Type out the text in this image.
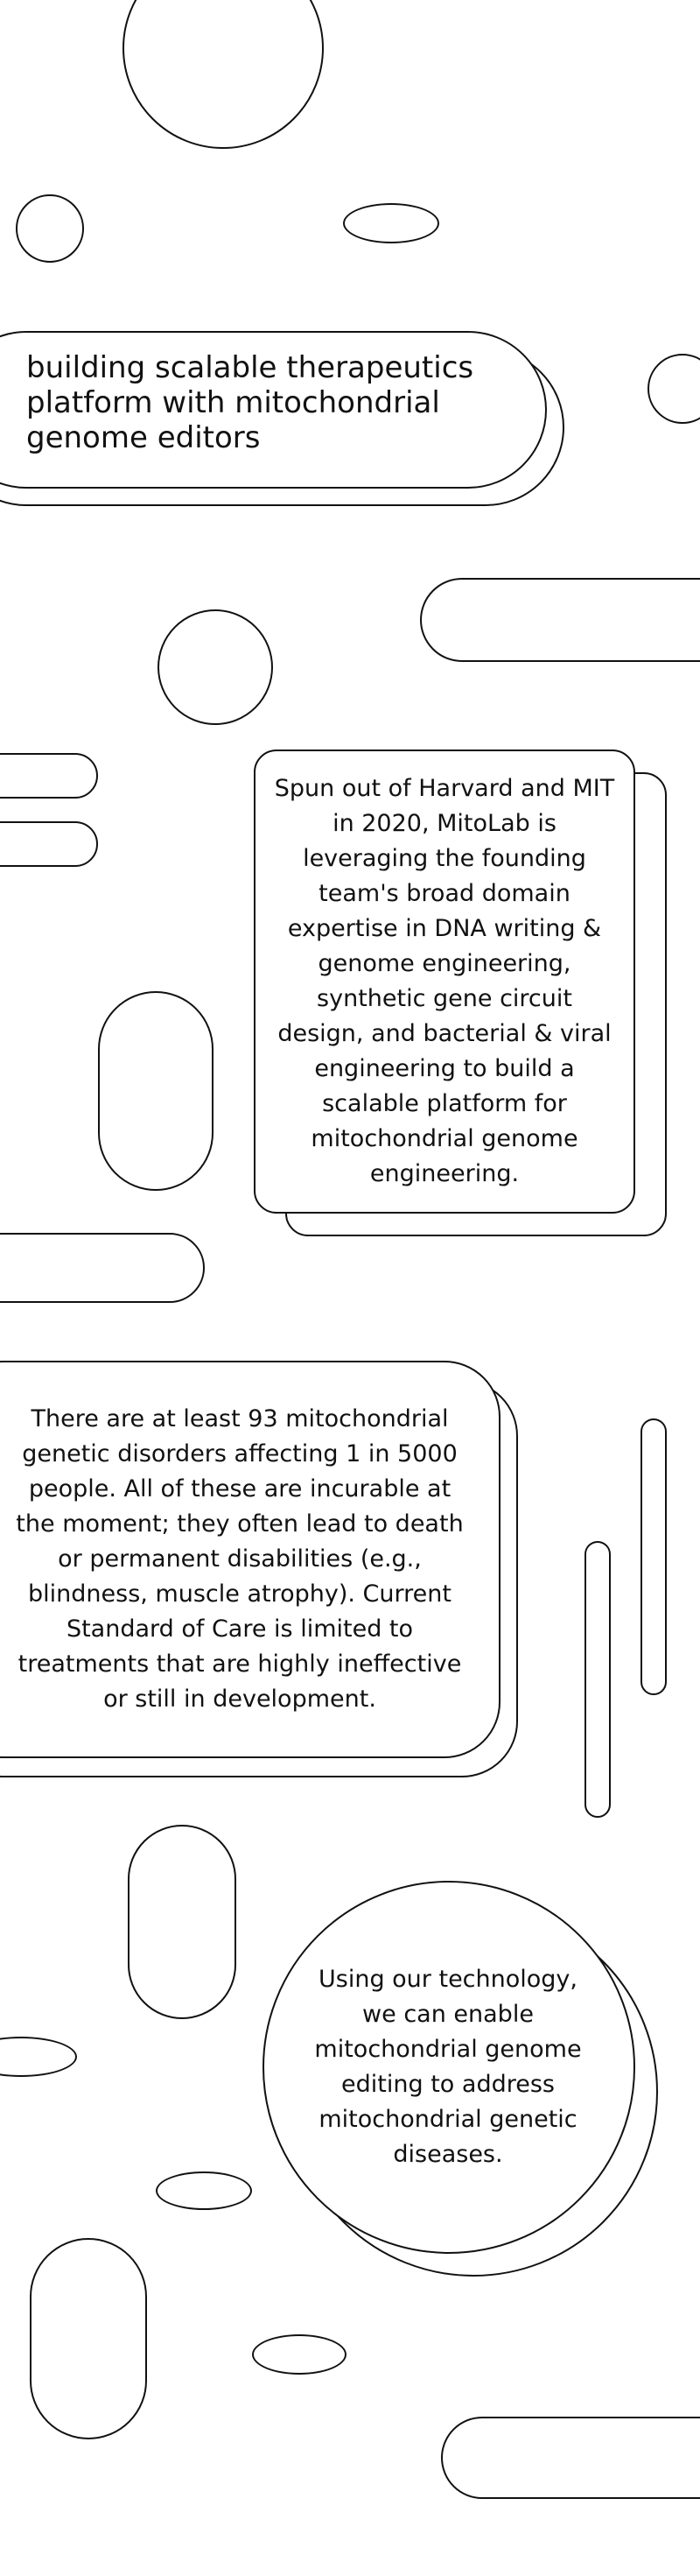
building scalable therapeutics platform with mitochondrial genome editors

Spun out of Harvard and MIT in 2020, MitoLab is leveraging the founding team's broad domain expertise in DNA writing & genome engineering, synthetic gene circuit design, and bacterial & viral engineering to build a scalable platform for mitochondrial genome engineering.

There are at least 93 mitochondrial genetic disorders affecting 1 in 5000 people. All of these are incurable at the moment; they often lead to death or permanent disabilities (e.g., blindness, muscle atrophy). Current Standard of Care is limited to treatments that are highly ineffective or still in development.

Using our technology, we can enable mitochondrial genome editing to address mitochondrial genetic diseases.
